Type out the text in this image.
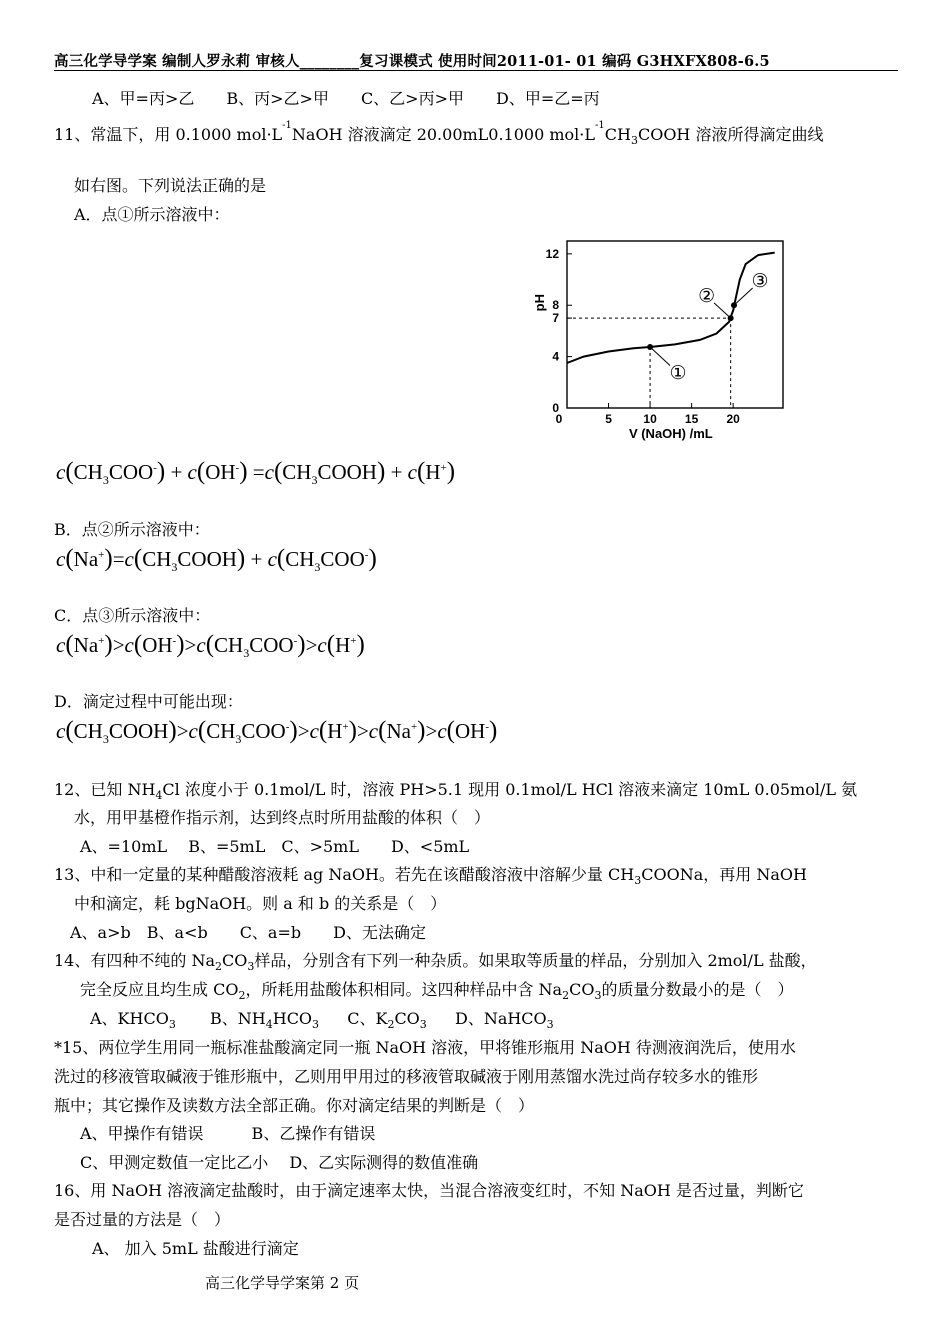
高三化学导学案 编制人罗永莉 审核人________复习课模式 使用时间2011-01- 01 编码 G3HXFX808-6.5
A、甲=丙>乙　　B、丙>乙>甲　　C、乙>丙>甲　　D、甲=乙=丙
11、常温下，用 0.1000 $mol\cdot L^{-1}NaOH$ 溶液滴定 20.00mL0.1000 $mol\cdot L^{-1}CH_3COOH$ 溶液所得滴定曲线
如右图。下列说法正确的是
A．点①所示溶液中：
0
4
7
8
12
0	5	10 15 20
V (NaOH) /mL
pH
①
②
③
$c(CH_3COO^-) + c(OH^-)$ $=c(CH_3COOH) + c(H^+)$
B．点②所示溶液中：
$c(Na^+)=c(CH_3COOH) + c(CH_3COO^-)$
C．点③所示溶液中：
$c(Na^+)>c(OH^-)>c(CH_3COO^-)>c(H^+)$
D．滴定过程中可能出现：
$c(CH_3COOH)>c(CH_3COO^-)>c(H^+)>c(Na^+)>c(OH^-)$
12、已知 $NH_4Cl$ 浓度小于 0.1mol/L 时，溶液 PH>5.1 现用 0.1mol/L HCl 溶液来滴定 10mL 0.05mol/L 氨
水，用甲基橙作指示剂，达到终点时所用盐酸的体积（　）
A、=10mL　 B、=5mL　C、>5mL　　D、<5mL
13、中和一定量的某种醋酸溶液耗 ag NaOH。若先在该醋酸溶液中溶解少量 $CH_3COONa$，再用 NaOH
中和滴定，耗 bgNaOH。则 a 和 b 的关系是（　）
A、a>b　B、a<b　　C、a=b　　D、无法确定
14、有四种不纯的 $Na_2CO_3$样品，分别含有下列一种杂质。如果取等质量的样品，分别加入 2mol/L 盐酸，
完全反应且均生成 $CO_2$，所耗用盐酸体积相同。这四种样品中含 $Na_2CO_3$的质量分数最小的是（　）
A、$KHCO_3$ B、$NH_4HCO_3$ C、$K_2CO_3$ D、NaHCO$_3$
*15、两位学生用同一瓶标准盐酸滴定同一瓶 NaOH 溶液，甲将锥形瓶用 NaOH 待测液润洗后，使用水
洗过的移液管取碱液于锥形瓶中，乙则用甲用过的移液管取碱液于刚用蒸馏水洗过尚存较多水的锥形
瓶中；其它操作及读数方法全部正确。你对滴定结果的判断是（　）
A、甲操作有错误　　　B、乙操作有错误
C、甲测定数值一定比乙小　 D、乙实际测得的数值准确
16、用 NaOH 溶液滴定盐酸时，由于滴定速率太快，当混合溶液变红时，不知 NaOH 是否过量，判断它
是否过量的方法是（　）
A、 加入 5mL 盐酸进行滴定
高三化学导学案第 2 页
